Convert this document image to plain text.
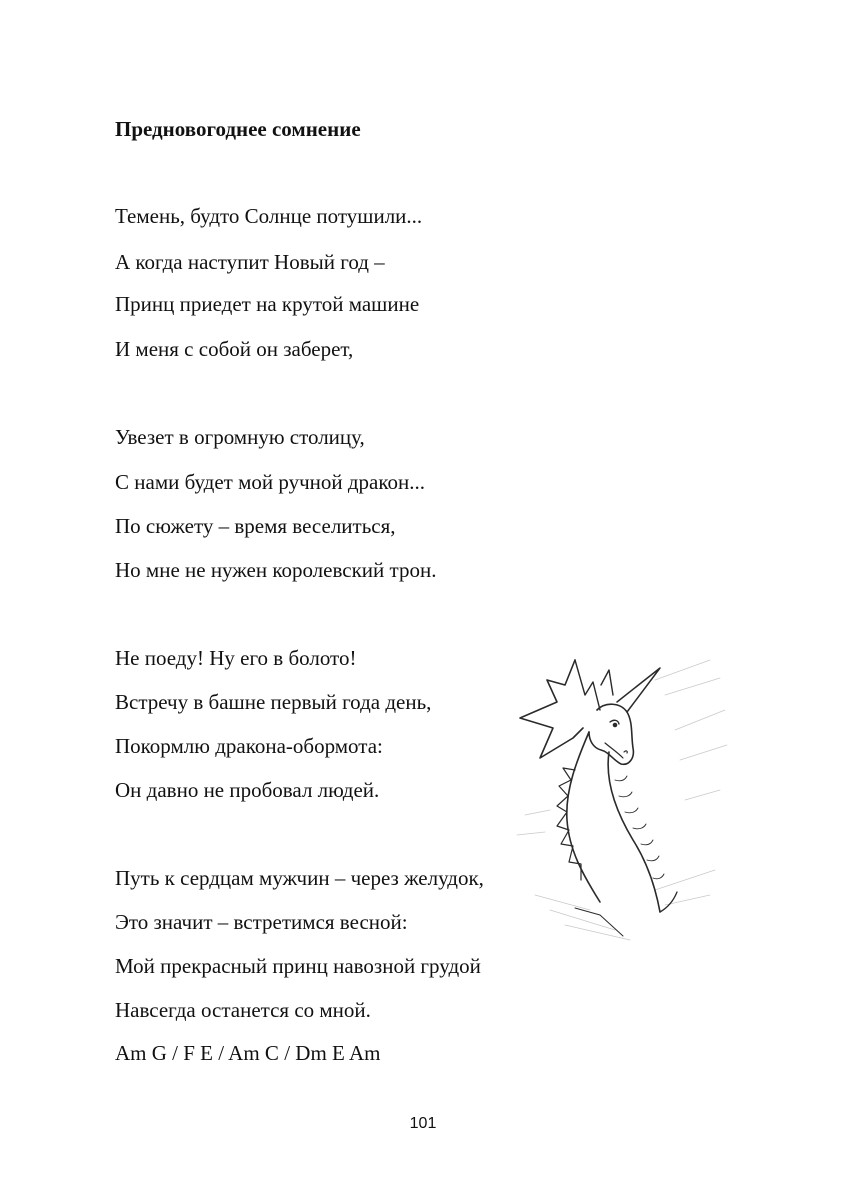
Предновогоднее сомнение

Темень, будто Солнце потушили...

А когда наступит Новый год –

Принц приедет на крутой машине

И меня с собой он заберет,

Увезет в огромную столицу,

С нами будет мой ручной дракон...

По сюжету – время веселиться,

Но мне не нужен королевский трон.

Не поеду! Ну его в болото!

Встречу в башне первый года день,

Покормлю дракона-обормота:

Он давно не пробовал людей.

Путь к сердцам мужчин – через желудок,

Это значит – встретимся весной:

Мой прекрасный принц навозной грудой

Навсегда останется со мной.

Am G / F E / Am C / Dm E Am

101
